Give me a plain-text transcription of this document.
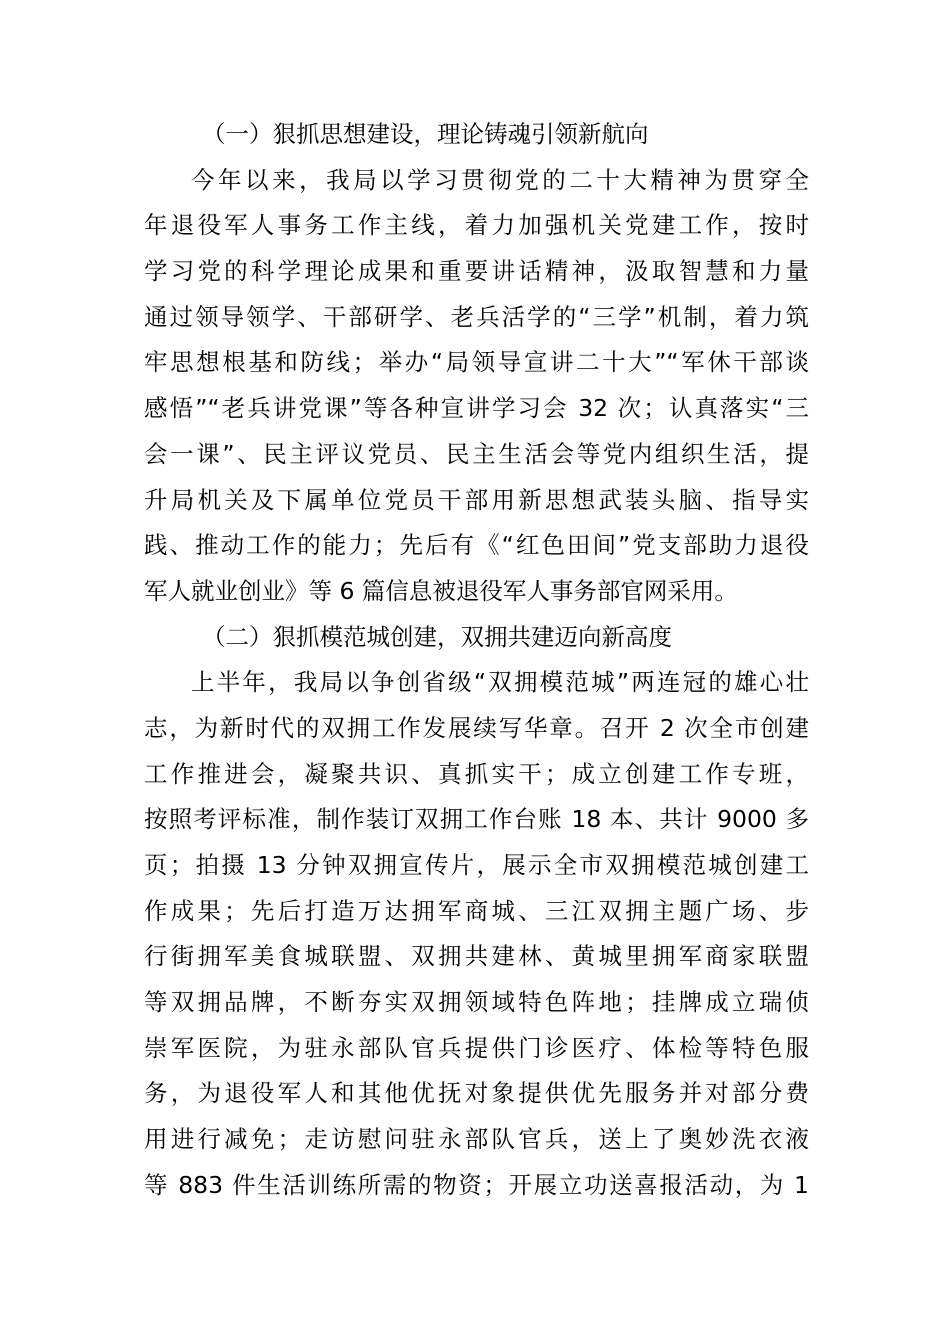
（一）狠抓思想建设，理论铸魂引领新航向
今年以来，我局以学习贯彻党的二十大精神为贯穿全
年退役军人事务工作主线，着力加强机关党建工作，按时
学习党的科学理论成果和重要讲话精神，汲取智慧和力量
通过领导领学、干部研学、老兵活学的“三学”机制，着力筑
牢思想根基和防线；举办“局领导宣讲二十大”“军休干部谈
感悟”“老兵讲党课”等各种宣讲学习会 32 次；认真落实“三
会一课”、民主评议党员、民主生活会等党内组织生活，提
升局机关及下属单位党员干部用新思想武装头脑、指导实
践、推动工作的能力；先后有《“红色田间”党支部助力退役
军人就业创业》等 6 篇信息被退役军人事务部官网采用。
（二）狠抓模范城创建，双拥共建迈向新高度
上半年，我局以争创省级“双拥模范城”两连冠的雄心壮
志，为新时代的双拥工作发展续写华章。召开 2 次全市创建
工作推进会，凝聚共识、真抓实干；成立创建工作专班，
按照考评标准，制作装订双拥工作台账 18 本、共计 9000 多
页；拍摄 13 分钟双拥宣传片，展示全市双拥模范城创建工
作成果；先后打造万达拥军商城、三江双拥主题广场、步
行街拥军美食城联盟、双拥共建林、黄城里拥军商家联盟
等双拥品牌，不断夯实双拥领域特色阵地；挂牌成立瑞侦
崇军医院，为驻永部队官兵提供门诊医疗、体检等特色服
务，为退役军人和其他优抚对象提供优先服务并对部分费
用进行减免；走访慰问驻永部队官兵，送上了奥妙洗衣液
等 883 件生活训练所需的物资；开展立功送喜报活动，为 1
